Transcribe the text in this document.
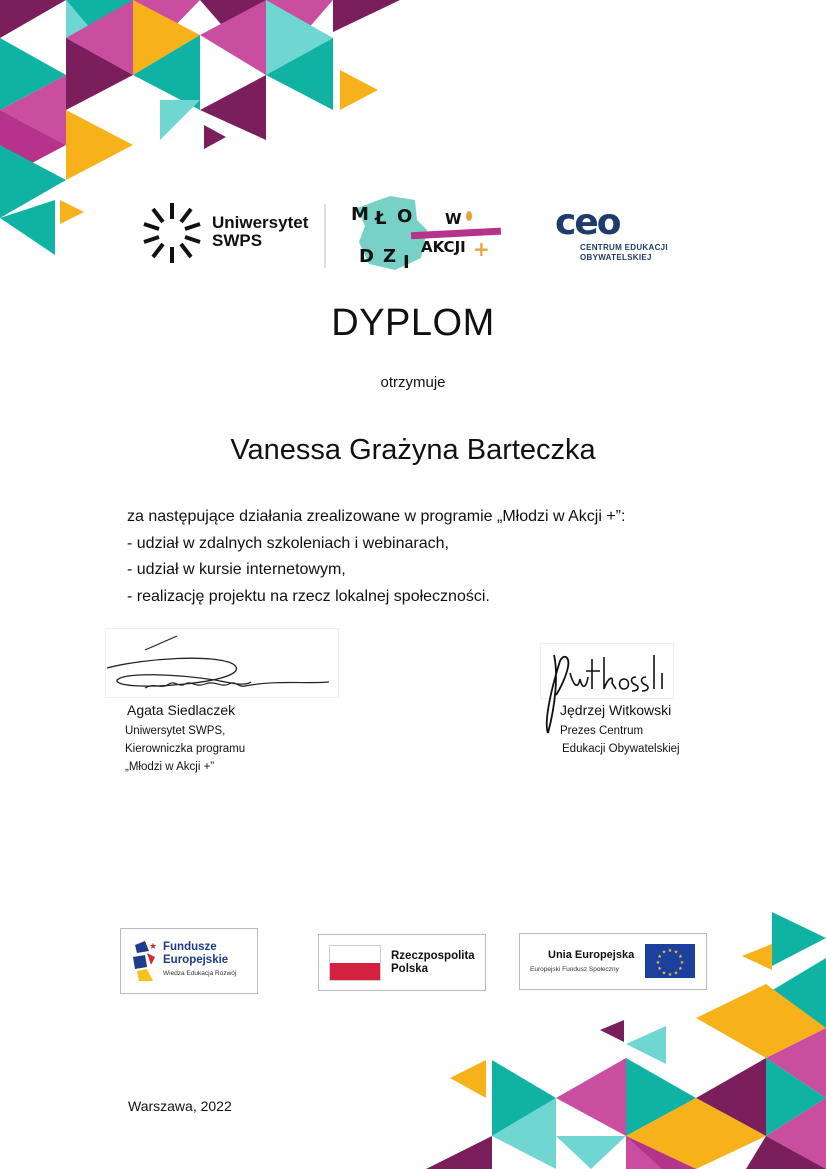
Uniwersytet
SWPS
M Ł O
D Z I
W
AKCJI +
ceo
CENTRUM EDUKACJI
OBYWATELSKIEJ
DYPLOM
otrzymuje
Vanessa Grażyna Barteczka
za następujące działania zrealizowane w programie „Młodzi w Akcji +”:
- udział w zdalnych szkoleniach i webinarach,
- udział w kursie internetowym,
- realizację projektu na rzecz lokalnej społeczności.
Agata Siedlaczek
Uniwersytet SWPS,
Kierowniczka programu
„Młodzi w Akcji +”
Jędrzej Witkowski
Prezes Centrum
Edukacji Obywatelskiej
★ Fundusze
Europejskie
Wiedza Edukacja Rozwój
Rzeczpospolita
Polska
Unia Europejska
Europejski Fundusz Społeczny
★ ★
★
★
★
★
★
★
★
★
★
★
Warszawa, 2022
